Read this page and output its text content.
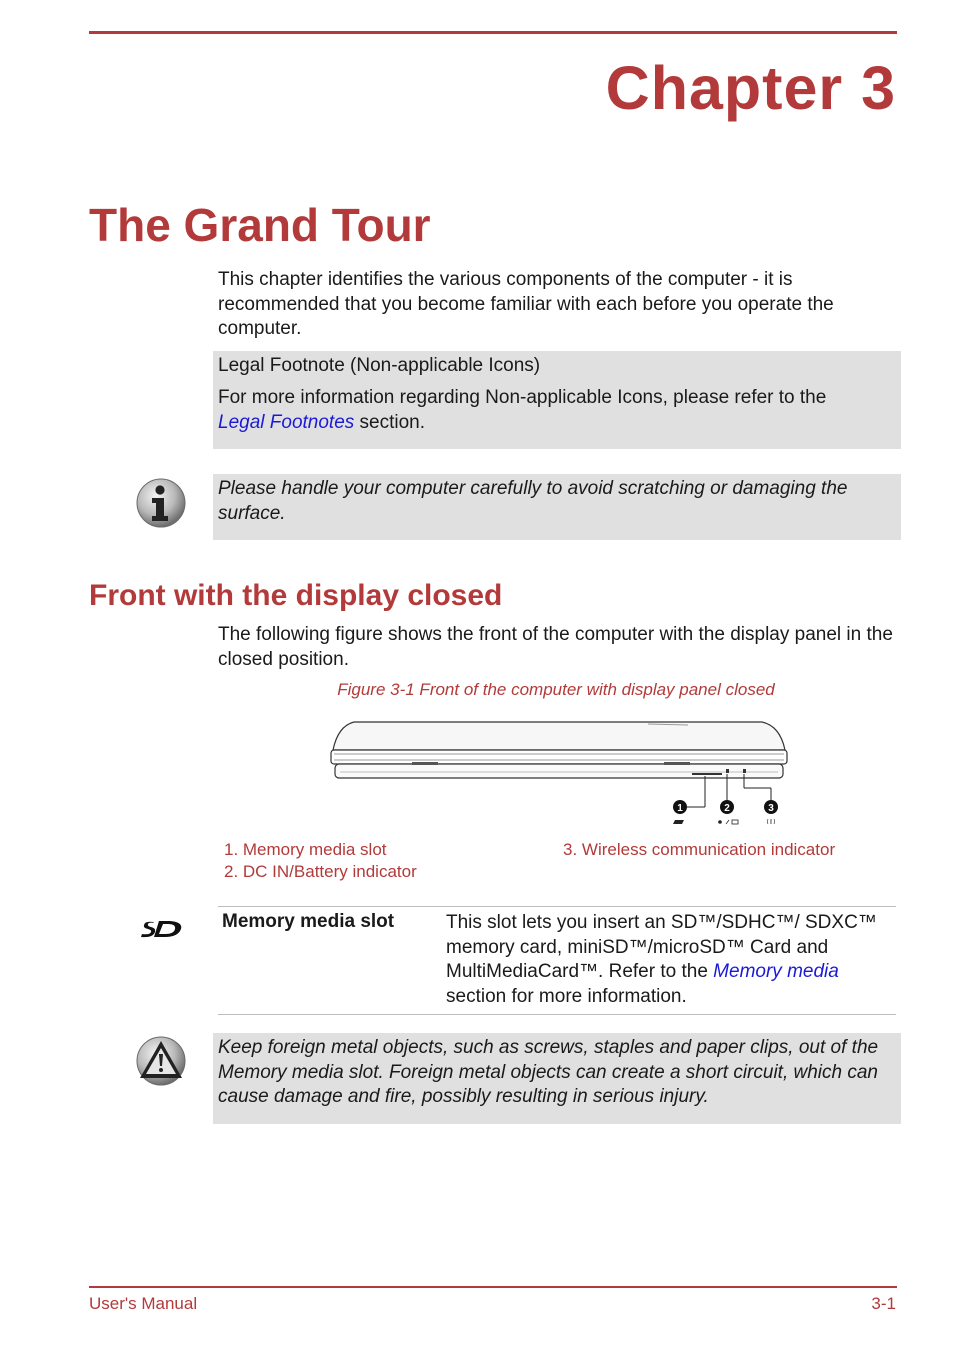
Chapter 3
The Grand Tour
This chapter identifies the various components of the computer - it is recommended that you become familiar with each before you operate the computer.
Legal Footnote (Non-applicable Icons)
For more information regarding Non-applicable Icons, please refer to the
Legal Footnotes section.
Please handle your computer carefully to avoid scratching or damaging the surface.
Front with the display closed
The following figure shows the front of the computer with the display panel in the closed position.
Figure 3-1 Front of the computer with display panel closed
1	2	3
1. Memory media slot
2. DC IN/Battery indicator
3. Wireless communication indicator
Memory media slot	This slot lets you insert an SD™/SDHC™/ SDXC™ memory card, miniSD™/microSD™ Card and MultiMediaCard™. Refer to the Memory media section for more information.
Keep foreign metal objects, such as screws, staples and paper clips, out of the Memory media slot. Foreign metal objects can create a short circuit, which can cause damage and fire, possibly resulting in serious injury.
User's Manual	3-1
